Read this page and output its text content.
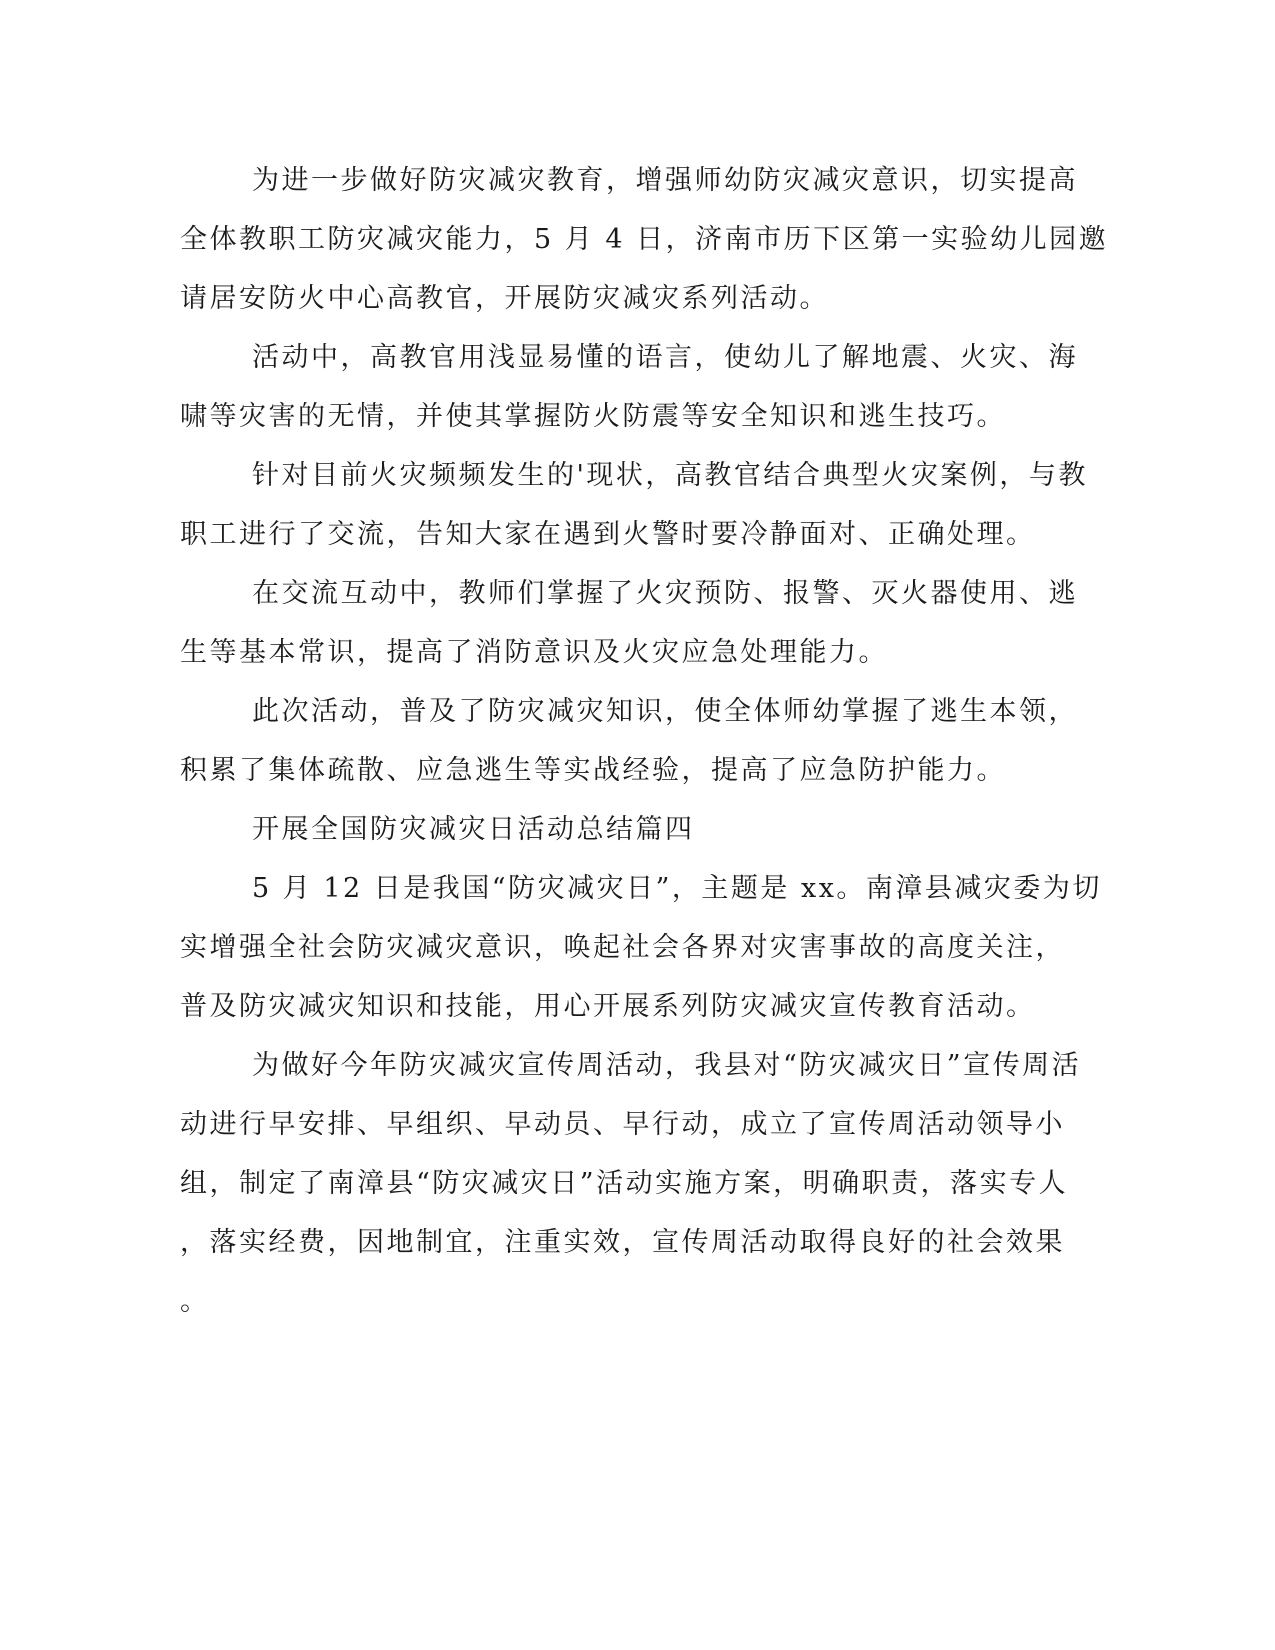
为进一步做好防灾减灾教育，增强师幼防灾减灾意识，切实提高
全体教职工防灾减灾能力，5 月 4 日，济南市历下区第一实验幼儿园邀
请居安防火中心高教官，开展防灾减灾系列活动。
活动中，高教官用浅显易懂的语言，使幼儿了解地震、火灾、海
啸等灾害的无情，并使其掌握防火防震等安全知识和逃生技巧。
针对目前火灾频频发生的'现状，高教官结合典型火灾案例，与教
职工进行了交流，告知大家在遇到火警时要冷静面对、正确处理。
在交流互动中，教师们掌握了火灾预防、报警、灭火器使用、逃
生等基本常识，提高了消防意识及火灾应急处理能力。
此次活动，普及了防灾减灾知识，使全体师幼掌握了逃生本领，
积累了集体疏散、应急逃生等实战经验，提高了应急防护能力。
开展全国防灾减灾日活动总结篇四
5 月 12 日是我国“防灾减灾日”，主题是 xx。南漳县减灾委为切
实增强全社会防灾减灾意识，唤起社会各界对灾害事故的高度关注，
普及防灾减灾知识和技能，用心开展系列防灾减灾宣传教育活动。
为做好今年防灾减灾宣传周活动，我县对“防灾减灾日”宣传周活
动进行早安排、早组织、早动员、早行动，成立了宣传周活动领导小
组，制定了南漳县“防灾减灾日”活动实施方案，明确职责，落实专人
，落实经费，因地制宜，注重实效，宣传周活动取得良好的社会效果
。
